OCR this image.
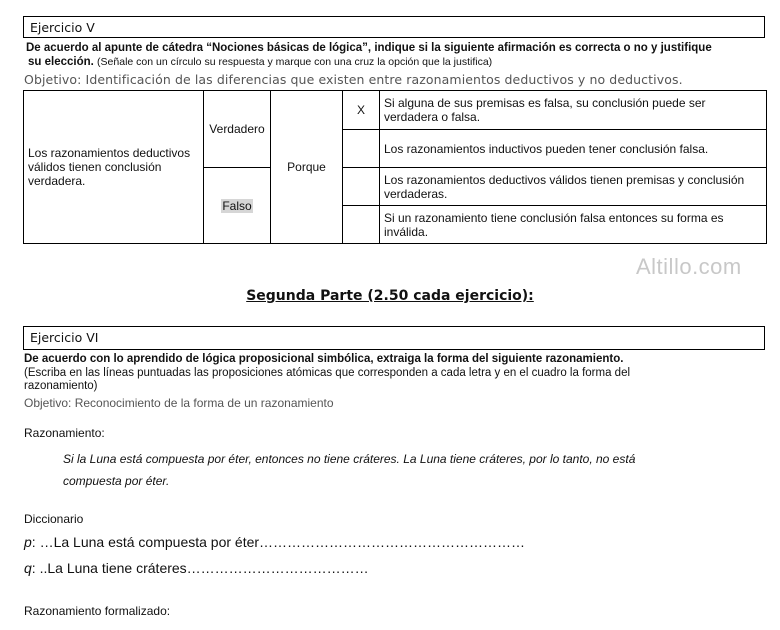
Ejercicio V
De acuerdo al apunte de cátedra “Nociones básicas de lógica”, indique si la siguiente afirmación es correcta o no y justifique
su elección. (Señale con un círculo su respuesta y marque con una cruz la opción que la justifica)
Objetivo: Identificación de las diferencias que existen entre razonamientos deductivos y no deductivos.
Los razonamientos deductivos válidos tienen conclusión verdadera.	Verdadero	Porque	X	Si alguna de sus premisas es falsa, su conclusión puede ser verdadera o falsa.
				Los razonamientos inductivos pueden tener conclusión falsa.
	Falso			Los razonamientos deductivos válidos tienen premisas y conclusión verdaderas.
				Si un razonamiento tiene conclusión falsa entonces su forma es inválida.
Altillo.com
Segunda Parte (2.50 cada ejercicio):
Ejercicio VI
De acuerdo con lo aprendido de lógica proposicional simbólica, extraiga la forma del siguiente razonamiento.
(Escriba en las líneas puntuadas las proposiciones atómicas que corresponden a cada letra y en el cuadro la forma del razonamiento)
Objetivo: Reconocimiento de la forma de un razonamiento
Razonamiento:
Si la Luna está compuesta por éter, entonces no tiene cráteres. La Luna tiene cráteres, por lo tanto, no está compuesta por éter.
Diccionario
p: …La Luna está compuesta por éter…………………………………………………
q: ..La Luna tiene cráteres…………………………………
Razonamiento formalizado:
